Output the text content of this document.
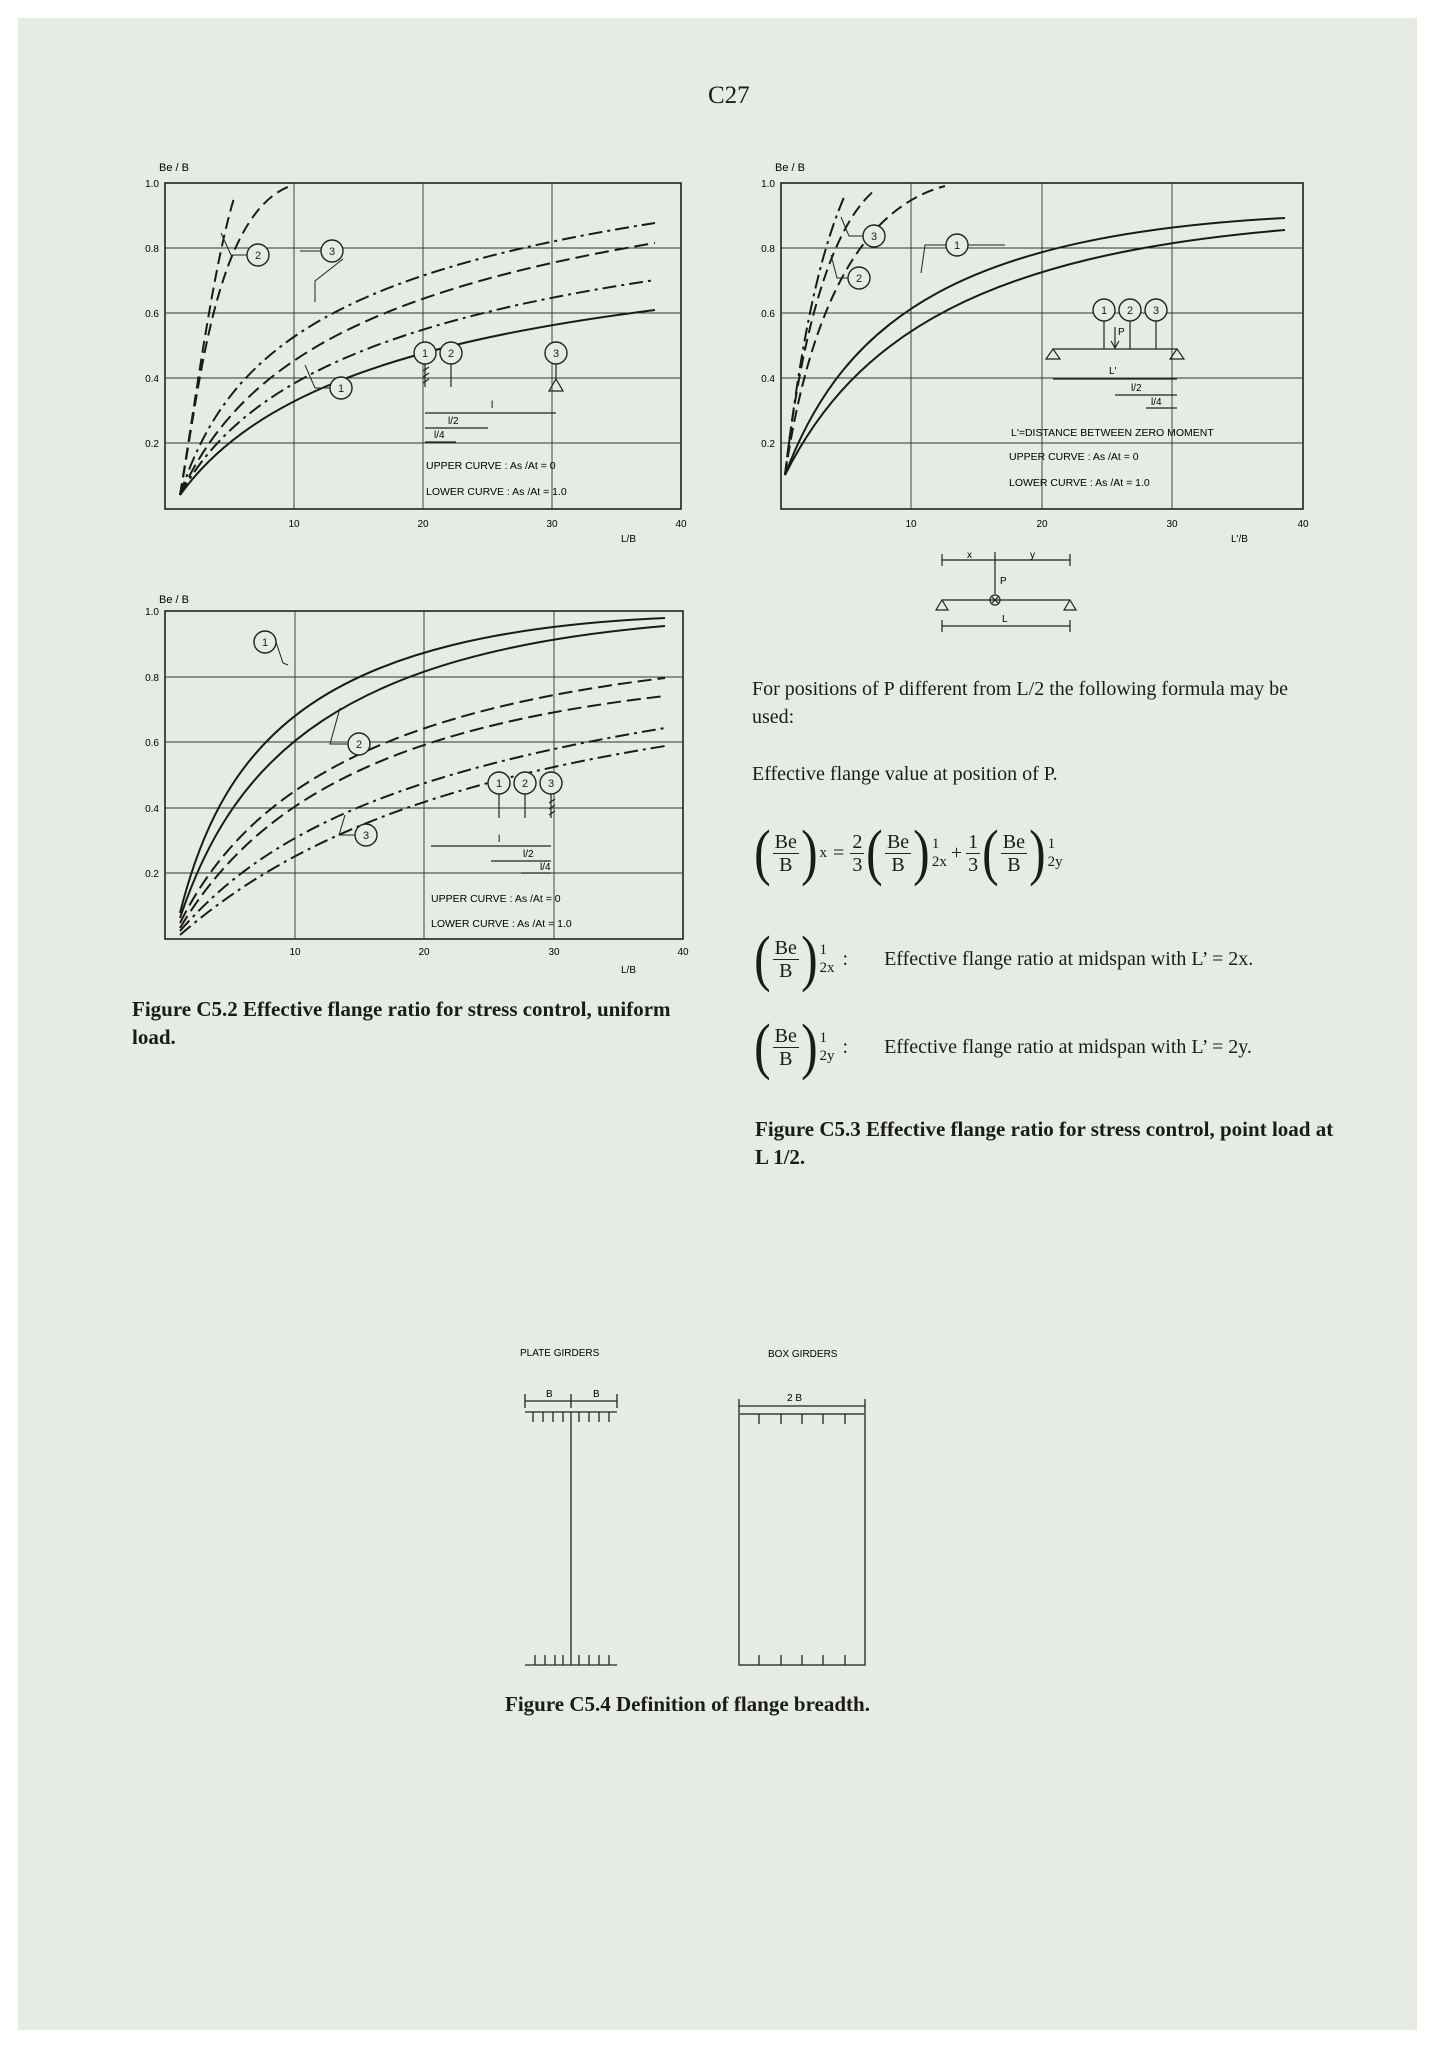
C27
Be / B
1.0
0.8
0.6
0.4
0.2
10	20	30	40
L/B
2	3
1
1 2	3
l
l/2
l/4
UPPER CURVE : As /At = 0
LOWER CURVE : As /At = 1.0
Be / B
1.0
0.8
0.6
0.4
0.2
10	20	30	40
L'/B
3
2
1
1 2 3
P
L'
l/2
l/4
L'=DISTANCE BETWEEN ZERO MOMENT
UPPER CURVE : As /At = 0
LOWER CURVE : As /At = 1.0
Be / B
1.0
0.8
0.6
0.4
0.2
10	20	30	40
L/B
1
2
3
1 2 3
l
l/2
l/4
UPPER CURVE : As /At = 0
LOWER CURVE : As /At = 1.0
x	y
P
L
Figure C5.2 Effective flange ratio for stress control, uniform load.
For positions of P different from L/2 the following formula may be used:
Effective flange value at position of P.
( $\frac{Be}{B}$ ) $x = \frac{2}{3}$ ( $\frac{Be}{B}$ ) 1
$2x + \frac{1}{3}$ ( $\frac{Be}{B}$ ) 1
2y
( $\frac{Be}{B}$ ) 1
2x : Effective flange ratio at midspan with L’ = 2x.
( $\frac{Be}{B}$ ) 1
2y : Effective flange ratio at midspan with L’ = 2y.
Figure C5.3 Effective flange ratio for stress control, point load at L 1/2.
PLATE GIRDERS	BOX GIRDERS
B	B	2 B
Figure C5.4 Definition of flange breadth.
